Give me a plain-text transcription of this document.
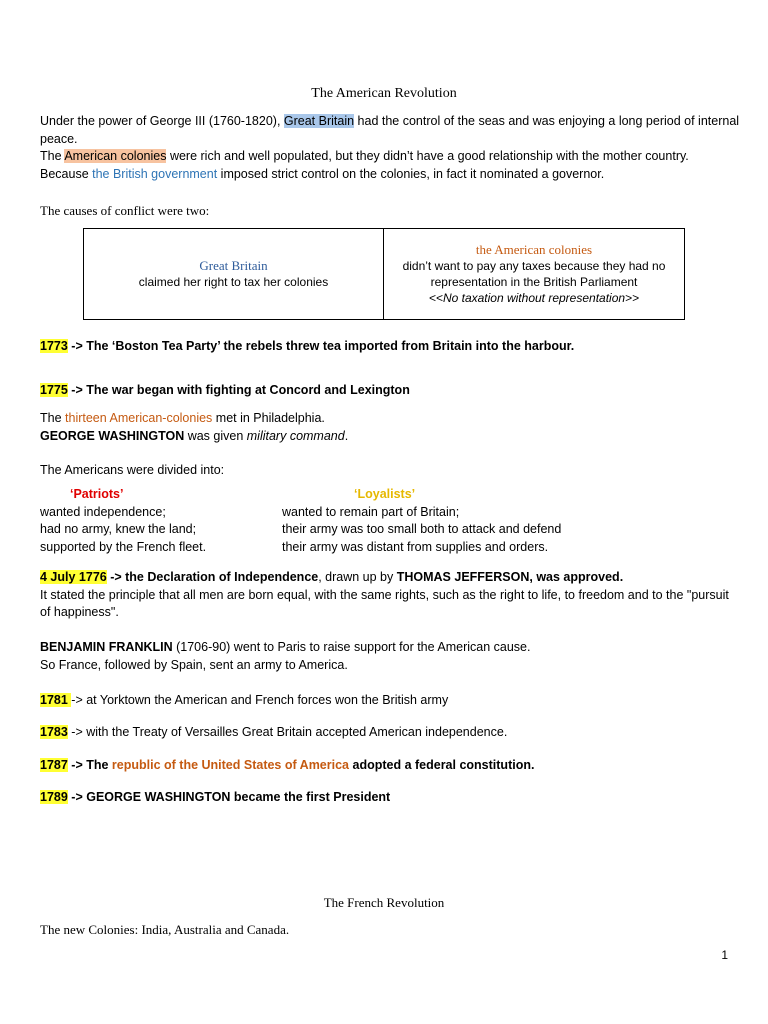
The American Revolution
Under the power of George III (1760-1820), Great Britain had the control of the seas and was enjoying a long period of internal peace.
The American colonies were rich and well populated, but they didn’t have a good relationship with the mother country. Because the British government imposed strict control on the colonies, in fact it nominated a governor.
The causes of conflict were two:
Great Britain
claimed her right to tax her colonies
the American colonies
didn’t want to pay any taxes because they had no representation in the British Parliament
<<No taxation without representation>>
1773 -> The ‘Boston Tea Party’ the rebels threw tea imported from Britain into the harbour.
1775 -> The war began with fighting at Concord and Lexington
The thirteen American-colonies met in Philadelphia.
GEORGE WASHINGTON was given military command.
The Americans were divided into:
‘Patriots’
wanted independence;
had no army, knew the land;
supported by the French fleet.
‘Loyalists’
wanted to remain part of Britain;
their army was too small both to attack and defend
their army was distant from supplies and orders.
4 July 1776 -> the Declaration of Independence, drawn up by THOMAS JEFFERSON, was approved.
It stated the principle that all men are born equal, with the same rights, such as the right to life, to freedom and to the "pursuit of happiness".
BENJAMIN FRANKLIN (1706-90) went to Paris to raise support for the American cause.
So France, followed by Spain, sent an army to America.
1781 -> at Yorktown the American and French forces won the British army
1783 -> with the Treaty of Versailles Great Britain accepted American independence.
1787 -> The republic of the United States of America adopted a federal constitution.
1789 -> GEORGE WASHINGTON became the first President
The French Revolution
The new Colonies: India, Australia and Canada.
1
